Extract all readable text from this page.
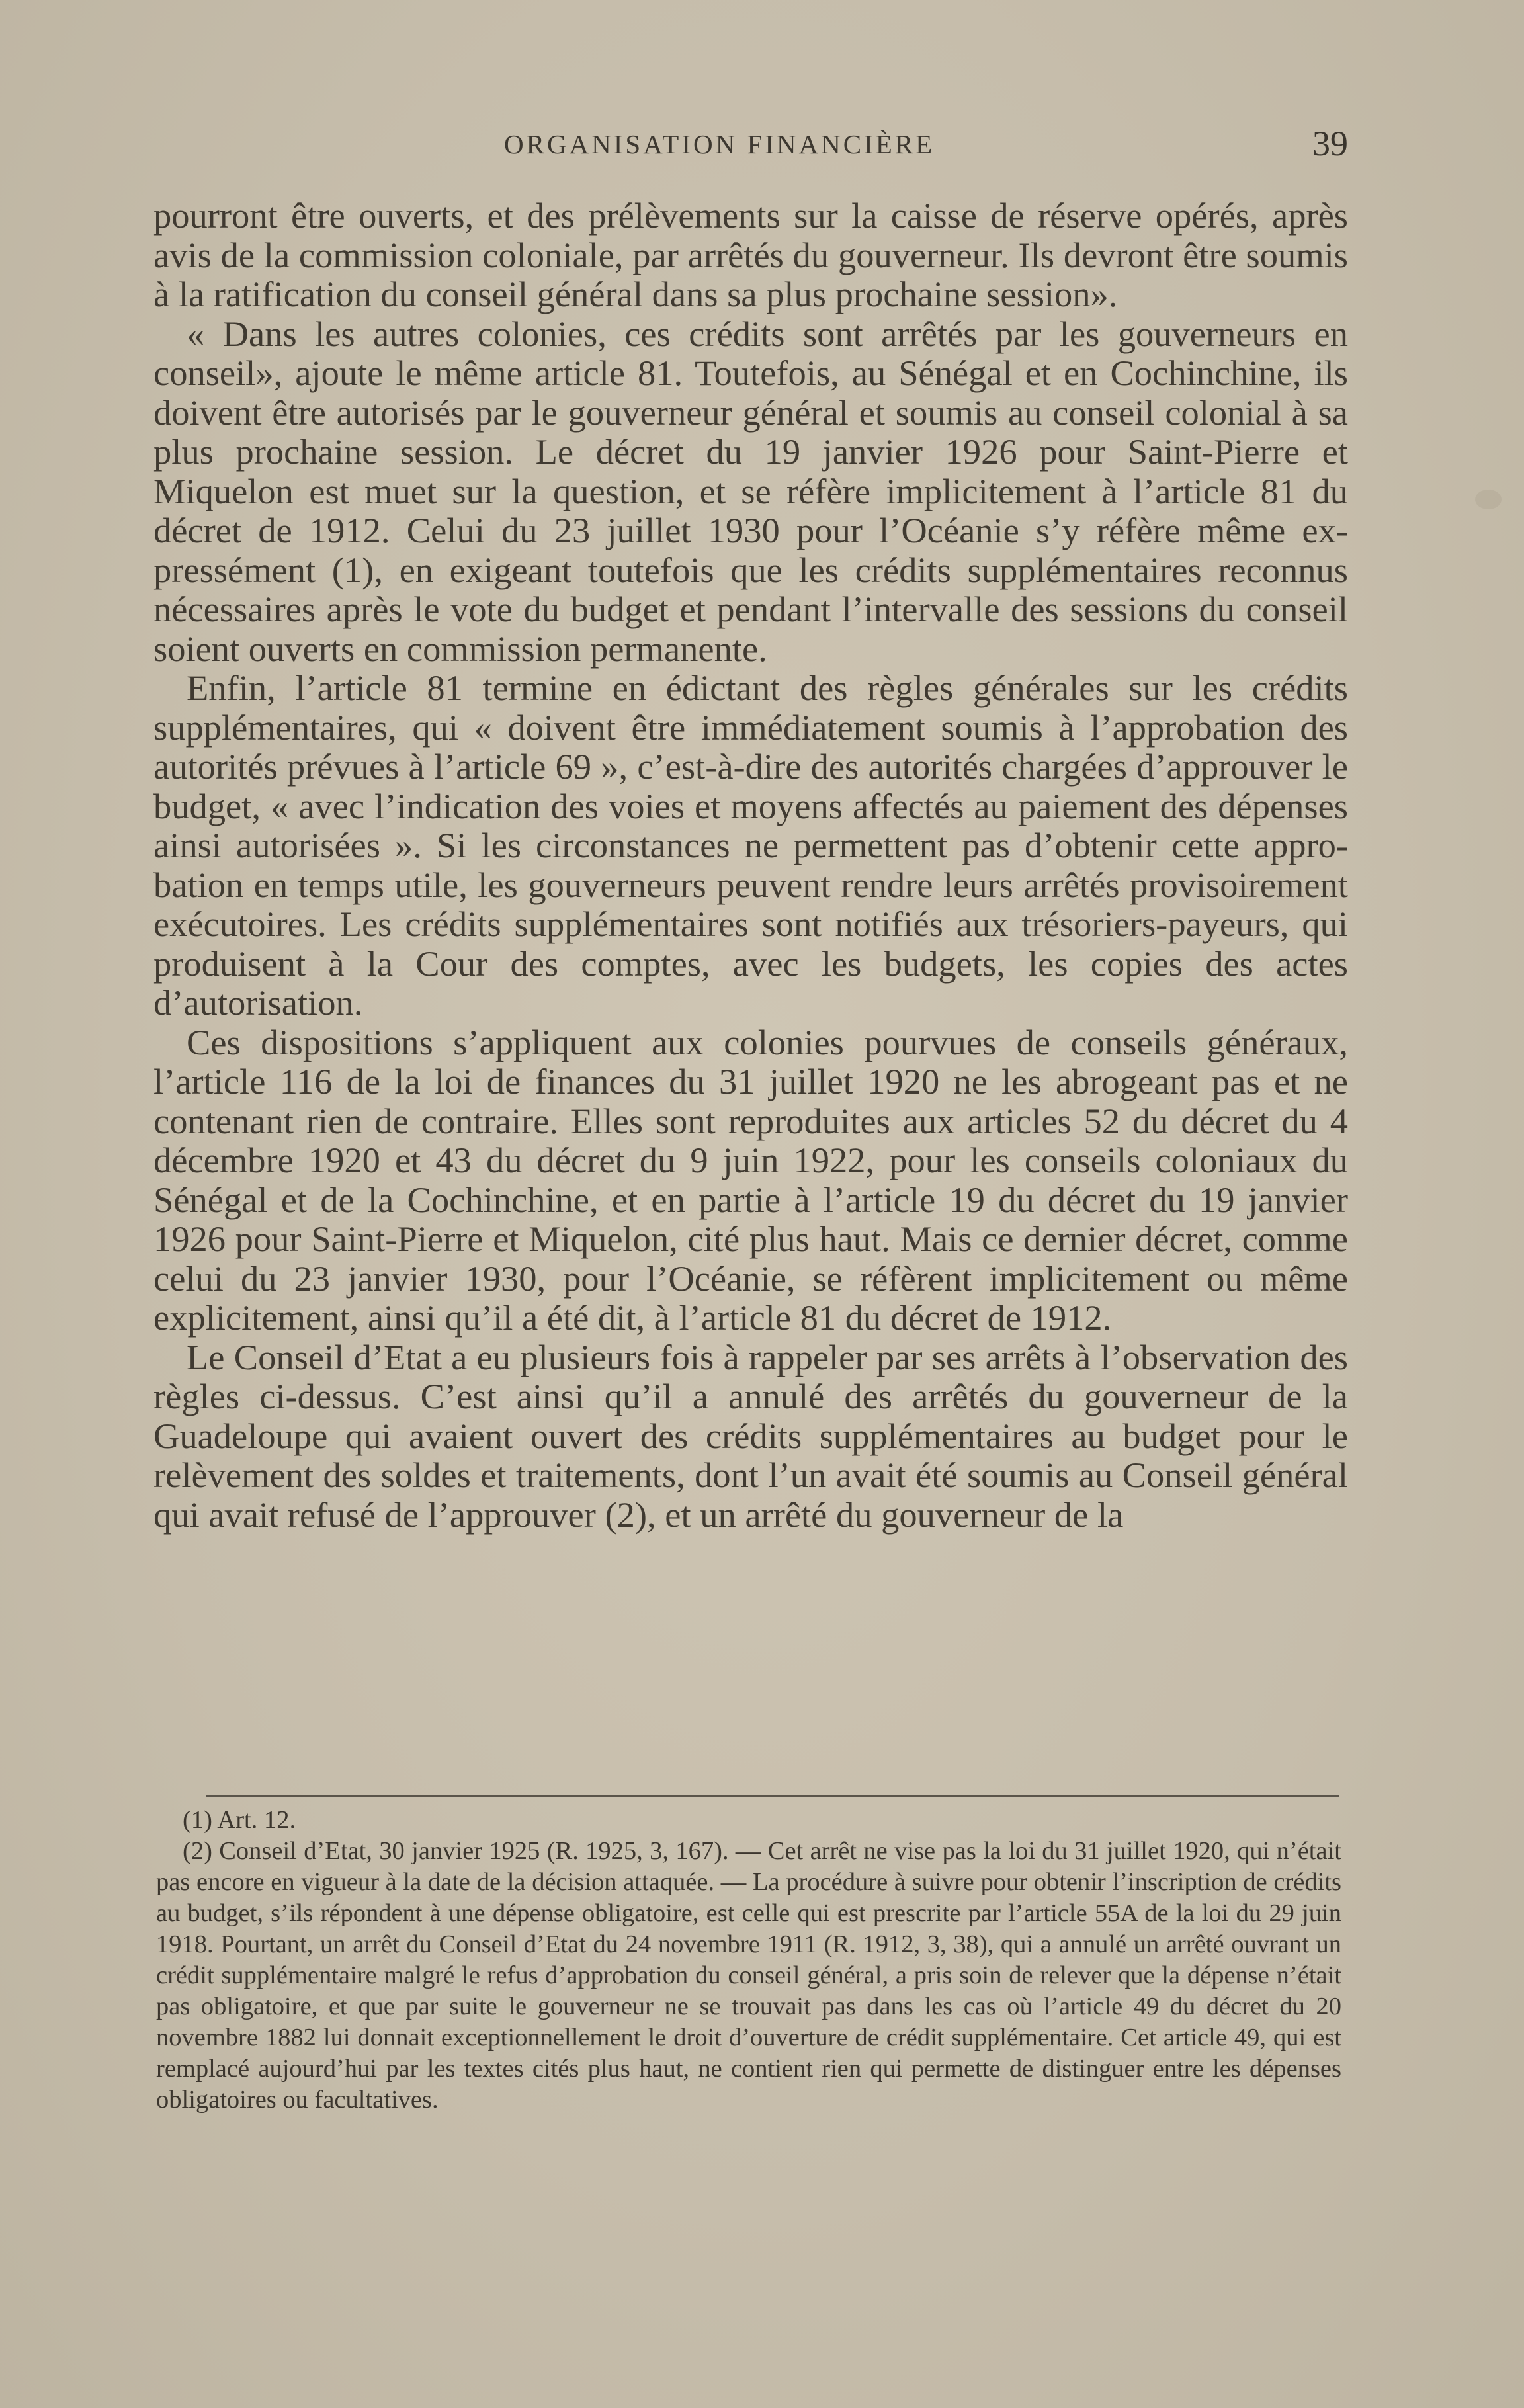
ORGANISATION FINANCIÈRE	39

pourront être ouverts, et des prélèvements sur la caisse de réserve opérés, après avis de la commission coloniale, par arrêtés du gouverneur. Ils devront être soumis à la ratification du conseil général dans sa plus prochaine session».

« Dans les autres colonies, ces crédits sont arrêtés par les gouverneurs en conseil», ajoute le même article 81. Toutefois, au Sénégal et en Cochinchine, ils doivent être autorisés par le gouverneur général et soumis au conseil colonial à sa plus prochaine session. Le décret du 19 janvier 1926 pour Saint-Pierre et Miquelon est muet sur la question, et se réfère implicitement à l’article 81 du décret de 1912. Celui du 23 juillet 1930 pour l’Océanie s’y réfère même expressément (1), en exigeant toutefois que les crédits supplémentaires reconnus nécessaires après le vote du budget et pendant l’intervalle des sessions du conseil soient ouverts en commission permanente.

Enfin, l’article 81 termine en édictant des règles générales sur les crédits supplémentaires, qui « doivent être immédiatement soumis à l’approbation des autorités prévues à l’article 69 », c’est-à-dire des autorités chargées d’approuver le budget, « avec l’indication des voies et moyens affectés au paiement des dépenses ainsi autorisées ». Si les circonstances ne permettent pas d’obtenir cette approbation en temps utile, les gouverneurs peuvent rendre leurs arrêtés provisoirement exécutoires. Les crédits supplémentaires sont notifiés aux trésoriers-payeurs, qui produisent à la Cour des comptes, avec les budgets, les copies des actes d’autorisation.

Ces dispositions s’appliquent aux colonies pourvues de conseils généraux, l’article 116 de la loi de finances du 31 juillet 1920 ne les abrogeant pas et ne contenant rien de contraire. Elles sont reproduites aux articles 52 du décret du 4 décembre 1920 et 43 du décret du 9 juin 1922, pour les conseils coloniaux du Sénégal et de la Cochinchine, et en partie à l’article 19 du décret du 19 janvier 1926 pour Saint-Pierre et Miquelon, cité plus haut. Mais ce dernier décret, comme celui du 23 janvier 1930, pour l’Océanie, se réfèrent implicitement ou même explicitement, ainsi qu’il a été dit, à l’article 81 du décret de 1912.

Le Conseil d’Etat a eu plusieurs fois à rappeler par ses arrêts à l’observation des règles ci-dessus. C’est ainsi qu’il a annulé des arrêtés du gouverneur de la Guadeloupe qui avaient ouvert des crédits supplémentaires au budget pour le relèvement des soldes et traitements, dont l’un avait été soumis au Conseil général qui avait refusé de l’approuver (2), et un arrêté du gouverneur de la

(1) Art. 12.

(2) Conseil d’Etat, 30 janvier 1925 (R. 1925, 3, 167). — Cet arrêt ne vise pas la loi du 31 juillet 1920, qui n’était pas encore en vigueur à la date de la décision attaquée. — La procédure à suivre pour obtenir l’inscription de crédits au budget, s’ils répondent à une dépense obligatoire, est celle qui est prescrite par l’article 55A de la loi du 29 juin 1918. Pourtant, un arrêt du Conseil d’Etat du 24 novembre 1911 (R. 1912, 3, 38), qui a annulé un arrêté ouvrant un crédit supplémentaire malgré le refus d’approbation du conseil général, a pris soin de relever que la dépense n’était pas obligatoire, et que par suite le gouverneur ne se trouvait pas dans les cas où l’article 49 du décret du 20 novembre 1882 lui donnait exceptionnellement le droit d’ouverture de crédit supplémentaire. Cet article 49, qui est remplacé aujourd’hui par les textes cités plus haut, ne contient rien qui permette de distinguer entre les dépenses obligatoires ou facultatives.
